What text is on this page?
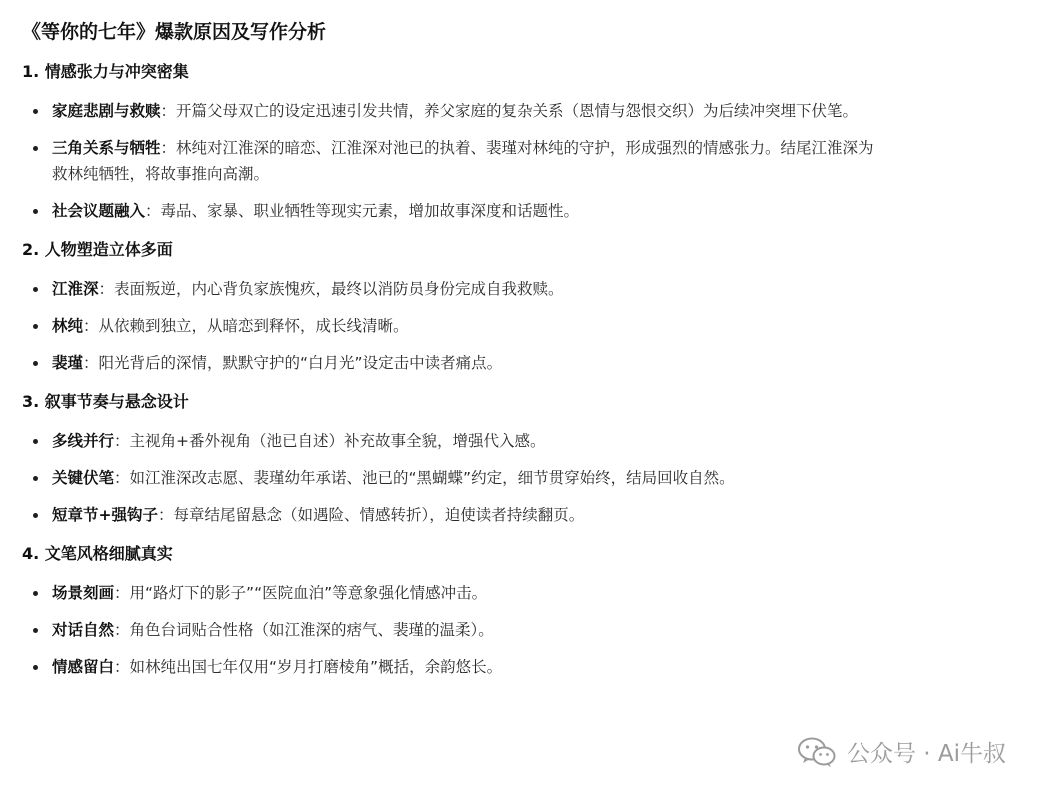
《等你的七年》爆款原因及写作分析
1. 情感张力与冲突密集
家庭悲剧与救赎：开篇父母双亡的设定迅速引发共情，养父家庭的复杂关系（恩情与怨恨交织）为后续冲突埋下伏笔。
三角关系与牺牲：林纯对江淮深的暗恋、江淮深对池已的执着、裴瑾对林纯的守护，形成强烈的情感张力。结尾江淮深为救林纯牺牲，将故事推向高潮。
社会议题融入：毒品、家暴、职业牺牲等现实元素，增加故事深度和话题性。
2. 人物塑造立体多面
江淮深：表面叛逆，内心背负家族愧疚，最终以消防员身份完成自我救赎。
林纯：从依赖到独立，从暗恋到释怀，成长线清晰。
裴瑾：阳光背后的深情，默默守护的“白月光”设定击中读者痛点。
3. 叙事节奏与悬念设计
多线并行：主视角+番外视角（池已自述）补充故事全貌，增强代入感。
关键伏笔：如江淮深改志愿、裴瑾幼年承诺、池已的“黑蝴蝶”约定，细节贯穿始终，结局回收自然。
短章节+强钩子：每章结尾留悬念（如遇险、情感转折），迫使读者持续翻页。
4. 文笔风格细腻真实
场景刻画：用“路灯下的影子”“医院血泊”等意象强化情感冲击。
对话自然：角色台词贴合性格（如江淮深的痞气、裴瑾的温柔）。
情感留白：如林纯出国七年仅用“岁月打磨棱角”概括，余韵悠长。
公众号 · Ai牛叔
